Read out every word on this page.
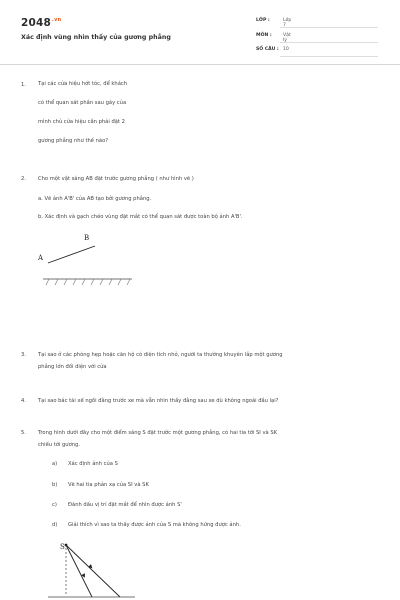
$2048^{.vn}$
Xác định vùng nhìn thấy của gương phẳng
LỚP :	Lớp 7
MÔN :	Vật lý
SỐ CÂU : 10
1. Tại các cửa hiệu hớt tóc, để khách
có thể quan sát phần sau gáy của
mình chủ cửa hiệu cần phải đặt 2
gương phẳng như thế nào?
2. Cho một vật sáng AB đặt trước gương phẳng ( như hình vẽ )
a. Vẽ ảnh A'B' của AB tạo bởi gương phẳng.
b. Xác định và gạch chéo vùng đặt mắt có thể quan sát được toàn bộ ảnh A'B'.
B
A
3. Tại sao ở các phòng hẹp hoặc căn hộ có diện tích nhỏ, người ta thường khuyên lắp một gương
phẳng lớn đối diện với cửa
4. Tại sao bác tài xế ngồi đằng trước xe mà vẫn nhìn thấy đằng sau xe dù không ngoái đầu lại?
5. Trong hình dưới đây cho một điểm sáng S đặt trước một gương phẳng, có hai tia tới SI và SK
chiếu tới gương.
a) Xác định ảnh của S
b) Vẽ hai tia phản xạ của SI và SK
c) Đánh dấu vị trí đặt mắt để nhìn được ảnh S'
d) Giải thích vì sao ta thấy được ảnh của S mà không hứng được ảnh.
S
